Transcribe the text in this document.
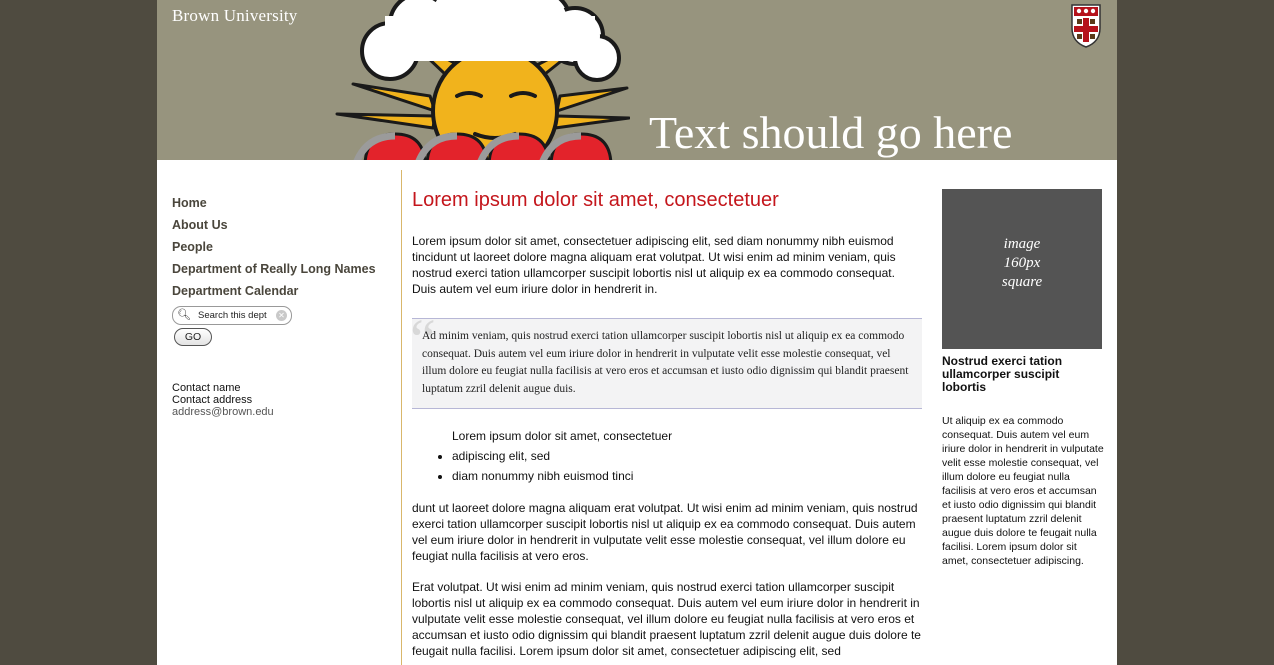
Brown University
Text should go here
Home
About Us
People
Department of Really Long Names
Department Calendar
🔍︎
Search this dept	✕
GO
Contact name
Contact address
address@brown.edu
Lorem ipsum dolor sit amet, consectetuer

Lorem ipsum dolor sit amet, consectetuer adipiscing elit, sed diam nonummy nibh euismod tincidunt ut laoreet dolore magna aliquam erat volutpat. Ut wisi enim ad minim veniam, quis nostrud exerci tation ullamcorper suscipit lobortis nisl ut aliquip ex ea commodo consequat. Duis autem vel eum iriure dolor in hendrerit in.

“

Ad minim veniam, quis nostrud exerci tation ullamcorper suscipit lobortis nisl ut aliquip ex ea commodo consequat. Duis autem vel eum iriure dolor in hendrerit in vulputate velit esse molestie consequat, vel illum dolore eu feugiat nulla facilisis at vero eros et accumsan et iusto odio dignissim qui blandit praesent luptatum zzril delenit augue duis.

Lorem ipsum dolor sit amet, consectetuer
• adipiscing elit, sed
• diam nonummy nibh euismod tinci

dunt ut laoreet dolore magna aliquam erat volutpat. Ut wisi enim ad minim veniam, quis nostrud exerci tation ullamcorper suscipit lobortis nisl ut aliquip ex ea commodo consequat. Duis autem vel eum iriure dolor in hendrerit in vulputate velit esse molestie consequat, vel illum dolore eu feugiat nulla facilisis at vero eros.

Erat volutpat. Ut wisi enim ad minim veniam, quis nostrud exerci tation ullamcorper suscipit lobortis nisl ut aliquip ex ea commodo consequat. Duis autem vel eum iriure dolor in hendrerit in vulputate velit esse molestie consequat, vel illum dolore eu feugiat nulla facilisis at vero eros et accumsan et iusto odio dignissim qui blandit praesent luptatum zzril delenit augue duis dolore te feugait nulla facilisi. Lorem ipsum dolor sit amet, consectetuer adipiscing elit, sed

image
160px
square
Nostrud exerci tation ullamcorper suscipit lobortis
Ut aliquip ex ea commodo consequat. Duis autem vel eum iriure dolor in hendrerit in vulputate velit esse molestie consequat, vel illum dolore eu feugiat nulla facilisis at vero eros et accumsan et iusto odio dignissim qui blandit praesent luptatum zzril delenit augue duis dolore te feugait nulla facilisi. Lorem ipsum dolor sit amet, consectetuer adipiscing.
